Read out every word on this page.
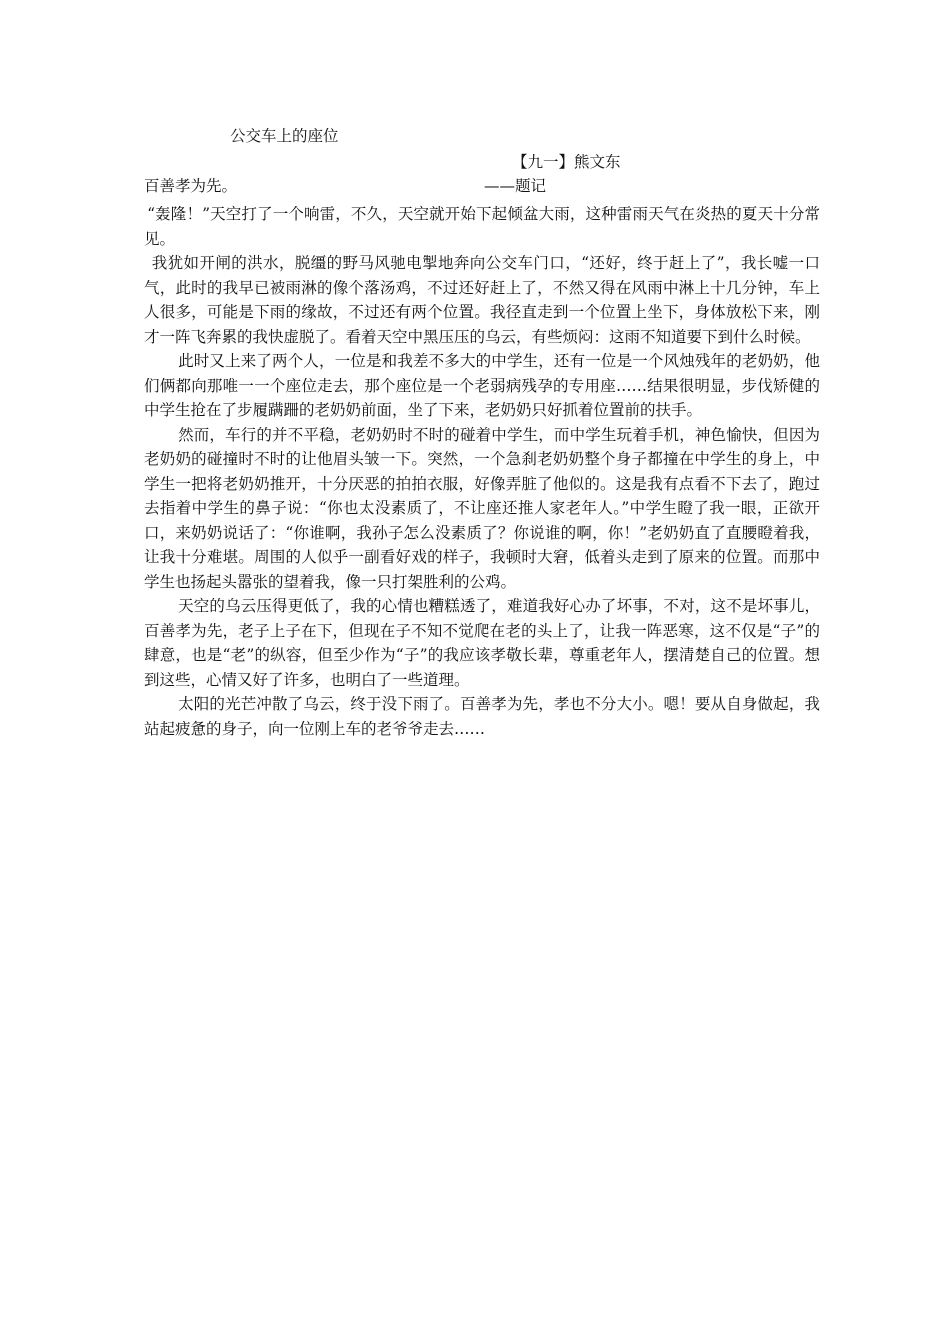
公交车上的座位
【九一】熊文东
百善孝为先。	——题记

“轰隆！”天空打了一个响雷，不久，天空就开始下起倾盆大雨，这种雷雨天气在炎热的夏天十分常见。

我犹如开闸的洪水，脱缰的野马风驰电掣地奔向公交车门口，“还好，终于赶上了”，我长嘘一口气，此时的我早已被雨淋的像个落汤鸡，不过还好赶上了，不然又得在风雨中淋上十几分钟，车上人很多，可能是下雨的缘故，不过还有两个位置。我径直走到一个位置上坐下，身体放松下来，刚才一阵飞奔累的我快虚脱了。看着天空中黑压压的乌云，有些烦闷：这雨不知道要下到什么时候。

此时又上来了两个人，一位是和我差不多大的中学生，还有一位是一个风烛残年的老奶奶，他们俩都向那唯一一个座位走去，那个座位是一个老弱病残孕的专用座……结果很明显，步伐矫健的中学生抢在了步履蹒跚的老奶奶前面，坐了下来，老奶奶只好抓着位置前的扶手。

然而，车行的并不平稳，老奶奶时不时的碰着中学生，而中学生玩着手机，神色愉快，但因为老奶奶的碰撞时不时的让他眉头皱一下。突然，一个急刹老奶奶整个身子都撞在中学生的身上，中学生一把将老奶奶推开，十分厌恶的拍拍衣服，好像弄脏了他似的。这是我有点看不下去了，跑过去指着中学生的鼻子说：“你也太没素质了，不让座还推人家老年人。”中学生瞪了我一眼，正欲开口，来奶奶说话了：“你谁啊，我孙子怎么没素质了？你说谁的啊，你！”老奶奶直了直腰瞪着我，让我十分难堪。周围的人似乎一副看好戏的样子，我顿时大窘，低着头走到了原来的位置。而那中学生也扬起头嚣张的望着我，像一只打架胜利的公鸡。

天空的乌云压得更低了，我的心情也糟糕透了，难道我好心办了坏事，不对，这不是坏事儿，百善孝为先，老子上子在下，但现在子不知不觉爬在老的头上了，让我一阵恶寒，这不仅是“子”的肆意，也是“老”的纵容，但至少作为“子”的我应该孝敬长辈，尊重老年人，摆清楚自己的位置。想到这些，心情又好了许多，也明白了一些道理。

太阳的光芒冲散了乌云，终于没下雨了。百善孝为先，孝也不分大小。嗯！要从自身做起，我站起疲惫的身子，向一位刚上车的老爷爷走去……
